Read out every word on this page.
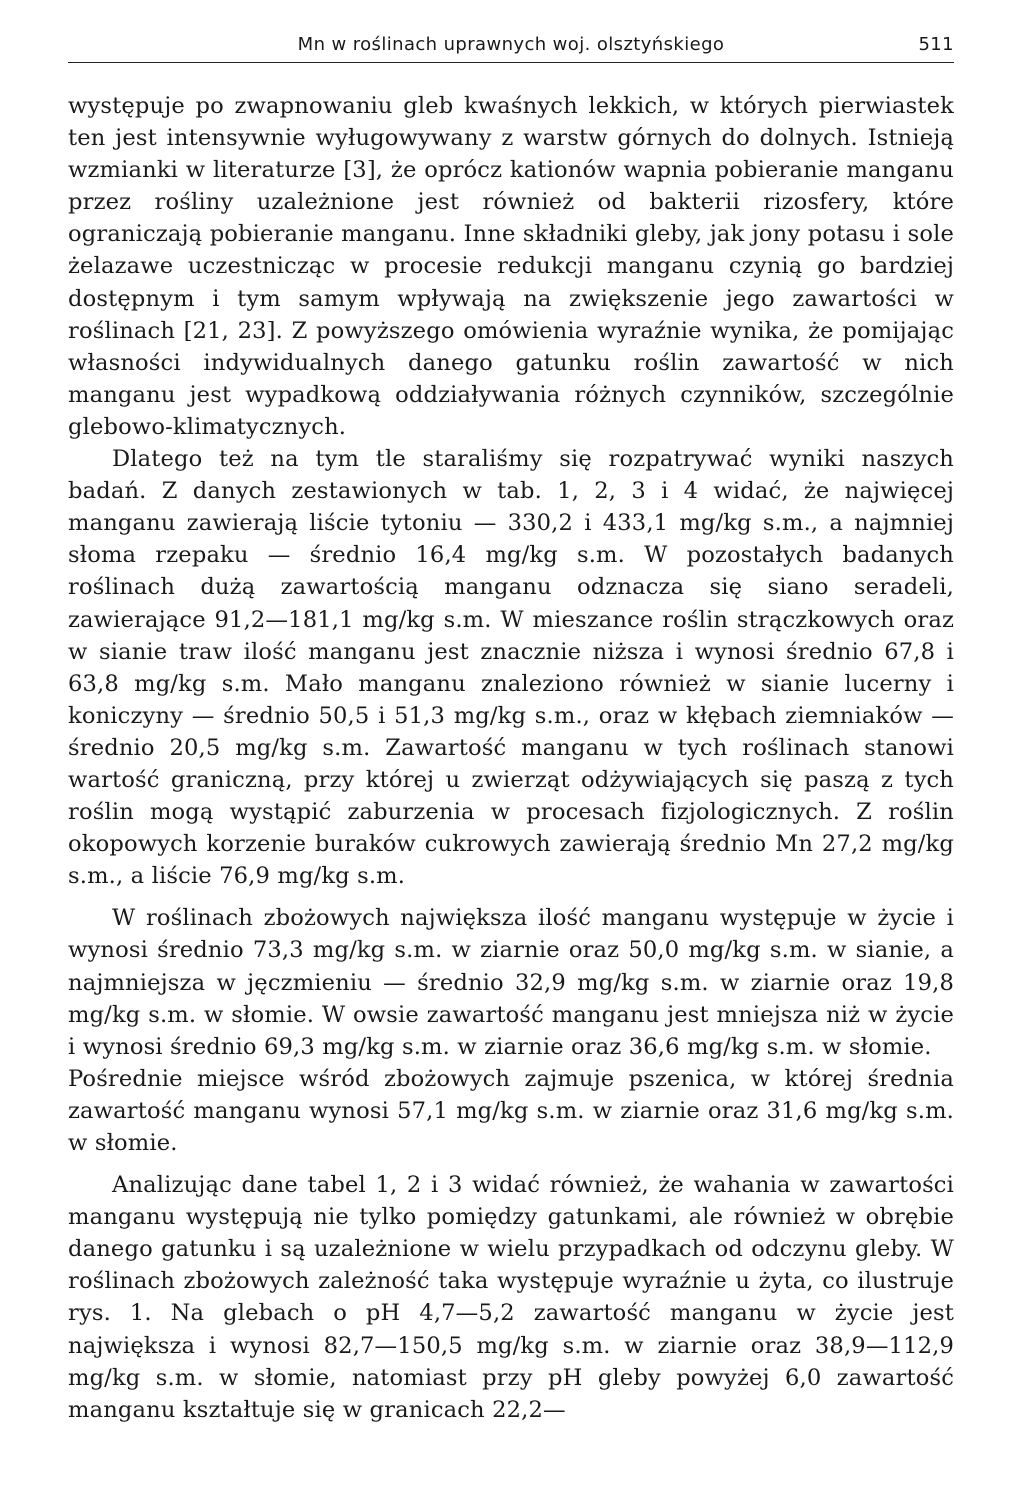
Mn w roślinach uprawnych woj. olsztyńskiego	511

występuje po zwapnowaniu gleb kwaśnych lekkich, w których pierwiastek ten jest intensywnie wyługowywany z warstw górnych do dolnych. Istnieją wzmianki w literaturze [3], że oprócz kationów wapnia pobieranie manganu przez rośliny uzależnione jest również od bakterii rizosfery, które ograniczają pobieranie manganu. Inne składniki gleby, jak jony potasu i sole żelazawe uczestnicząc w procesie redukcji manganu czynią go bardziej dostępnym i tym samym wpływają na zwiększenie jego zawartości w roślinach [21, 23]. Z powyższego omówienia wyraźnie wynika, że pomijając własności indywidualnych danego gatunku roślin zawartość w nich manganu jest wypadkową oddziaływania różnych czynników, szczególnie glebowo-klimatycznych.

Dlatego też na tym tle staraliśmy się rozpatrywać wyniki naszych badań. Z danych zestawionych w tab. 1, 2, 3 i 4 widać, że najwięcej manganu zawierają liście tytoniu — 330,2 i 433,1 mg/kg s.m., a najmniej słoma rzepaku — średnio 16,4 mg/kg s.m. W pozostałych badanych roślinach dużą zawartością manganu odznacza się siano seradeli, zawierające 91,2—181,1 mg/kg s.m. W mieszance roślin strączkowych oraz w sianie traw ilość manganu jest znacznie niższa i wynosi średnio 67,8 i 63,8 mg/kg s.m. Mało manganu znaleziono również w sianie lucerny i koniczyny — średnio 50,5 i 51,3 mg/kg s.m., oraz w kłębach ziemniaków — średnio 20,5 mg/kg s.m. Zawartość manganu w tych roślinach stanowi wartość graniczną, przy której u zwierząt odżywiających się paszą z tych roślin mogą wystąpić zaburzenia w procesach fizjologicznych. Z roślin okopowych korzenie buraków cukrowych zawierają średnio Mn 27,2 mg/kg s.m., a liście 76,9 mg/kg s.m.

W roślinach zbożowych największa ilość manganu występuje w życie i wynosi średnio 73,3 mg/kg s.m. w ziarnie oraz 50,0 mg/kg s.m. w sianie, a najmniejsza w jęczmieniu — średnio 32,9 mg/kg s.m. w ziarnie oraz 19,8 mg/kg s.m. w słomie. W owsie zawartość manganu jest mniejsza niż w życie i wynosi średnio 69,3 mg/kg s.m. w ziarnie oraz 36,6 mg/kg s.m. w słomie.

Pośrednie miejsce wśród zbożowych zajmuje pszenica, w której średnia zawartość manganu wynosi 57,1 mg/kg s.m. w ziarnie oraz 31,6 mg/kg s.m. w słomie.

Analizując dane tabel 1, 2 i 3 widać również, że wahania w zawartości manganu występują nie tylko pomiędzy gatunkami, ale również w obrębie danego gatunku i są uzależnione w wielu przypadkach od odczynu gleby. W roślinach zbożowych zależność taka występuje wyraźnie u żyta, co ilustruje rys. 1. Na glebach o pH 4,7—5,2 zawartość manganu w życie jest największa i wynosi 82,7—150,5 mg/kg s.m. w ziarnie oraz 38,9—112,9 mg/kg s.m. w słomie, natomiast przy pH gleby powyżej 6,0 zawartość manganu kształtuje się w granicach 22,2—
